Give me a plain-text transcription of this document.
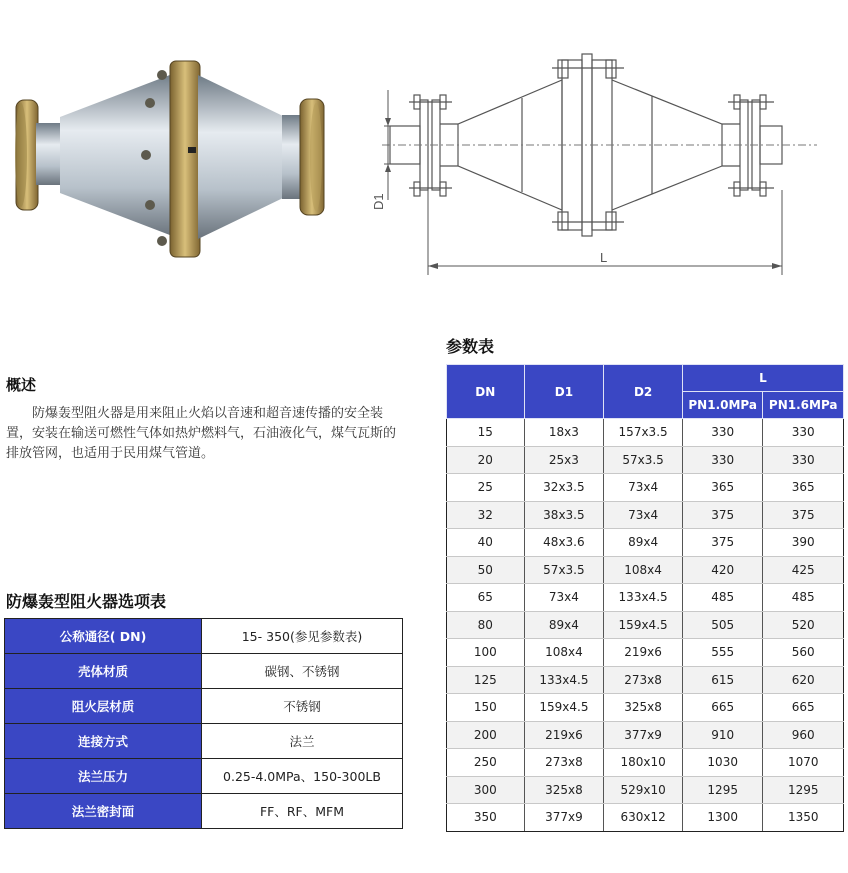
D1
L
概述

防爆轰型阻火器是用来阻止火焰以音速和超音速传播的安全装置，安装在输送可燃性气体如热炉燃料气，石油液化气，煤气瓦斯的排放管网，也适用于民用煤气管道。

防爆轰型阻火器选项表
公称通径( DN)	15- 350(参见参数表)
壳体材质	碳钢、不锈钢
阻火层材质	不锈钢
连接方式	法兰
法兰压力	0.25-4.0MPa、150-300LB
法兰密封面	FF、RF、MFM
参数表
DN	D1	D2	L	
			PN1.0MPa	PN1.6MPa
15	18x3	157x3.5	330	330
20	25x3	57x3.5	330	330
25	32x3.5	73x4	365	365
32	38x3.5	73x4	375	375
40	48x3.6	89x4	375	390
50	57x3.5	108x4	420	425
65	73x4	133x4.5	485	485
80	89x4	159x4.5	505	520
100	108x4	219x6	555	560
125	133x4.5	273x8	615	620
150	159x4.5	325x8	665	665
200	219x6	377x9	910	960
250	273x8	180x10	1030	1070
300	325x8	529x10	1295	1295
350	377x9	630x12	1300	1350
